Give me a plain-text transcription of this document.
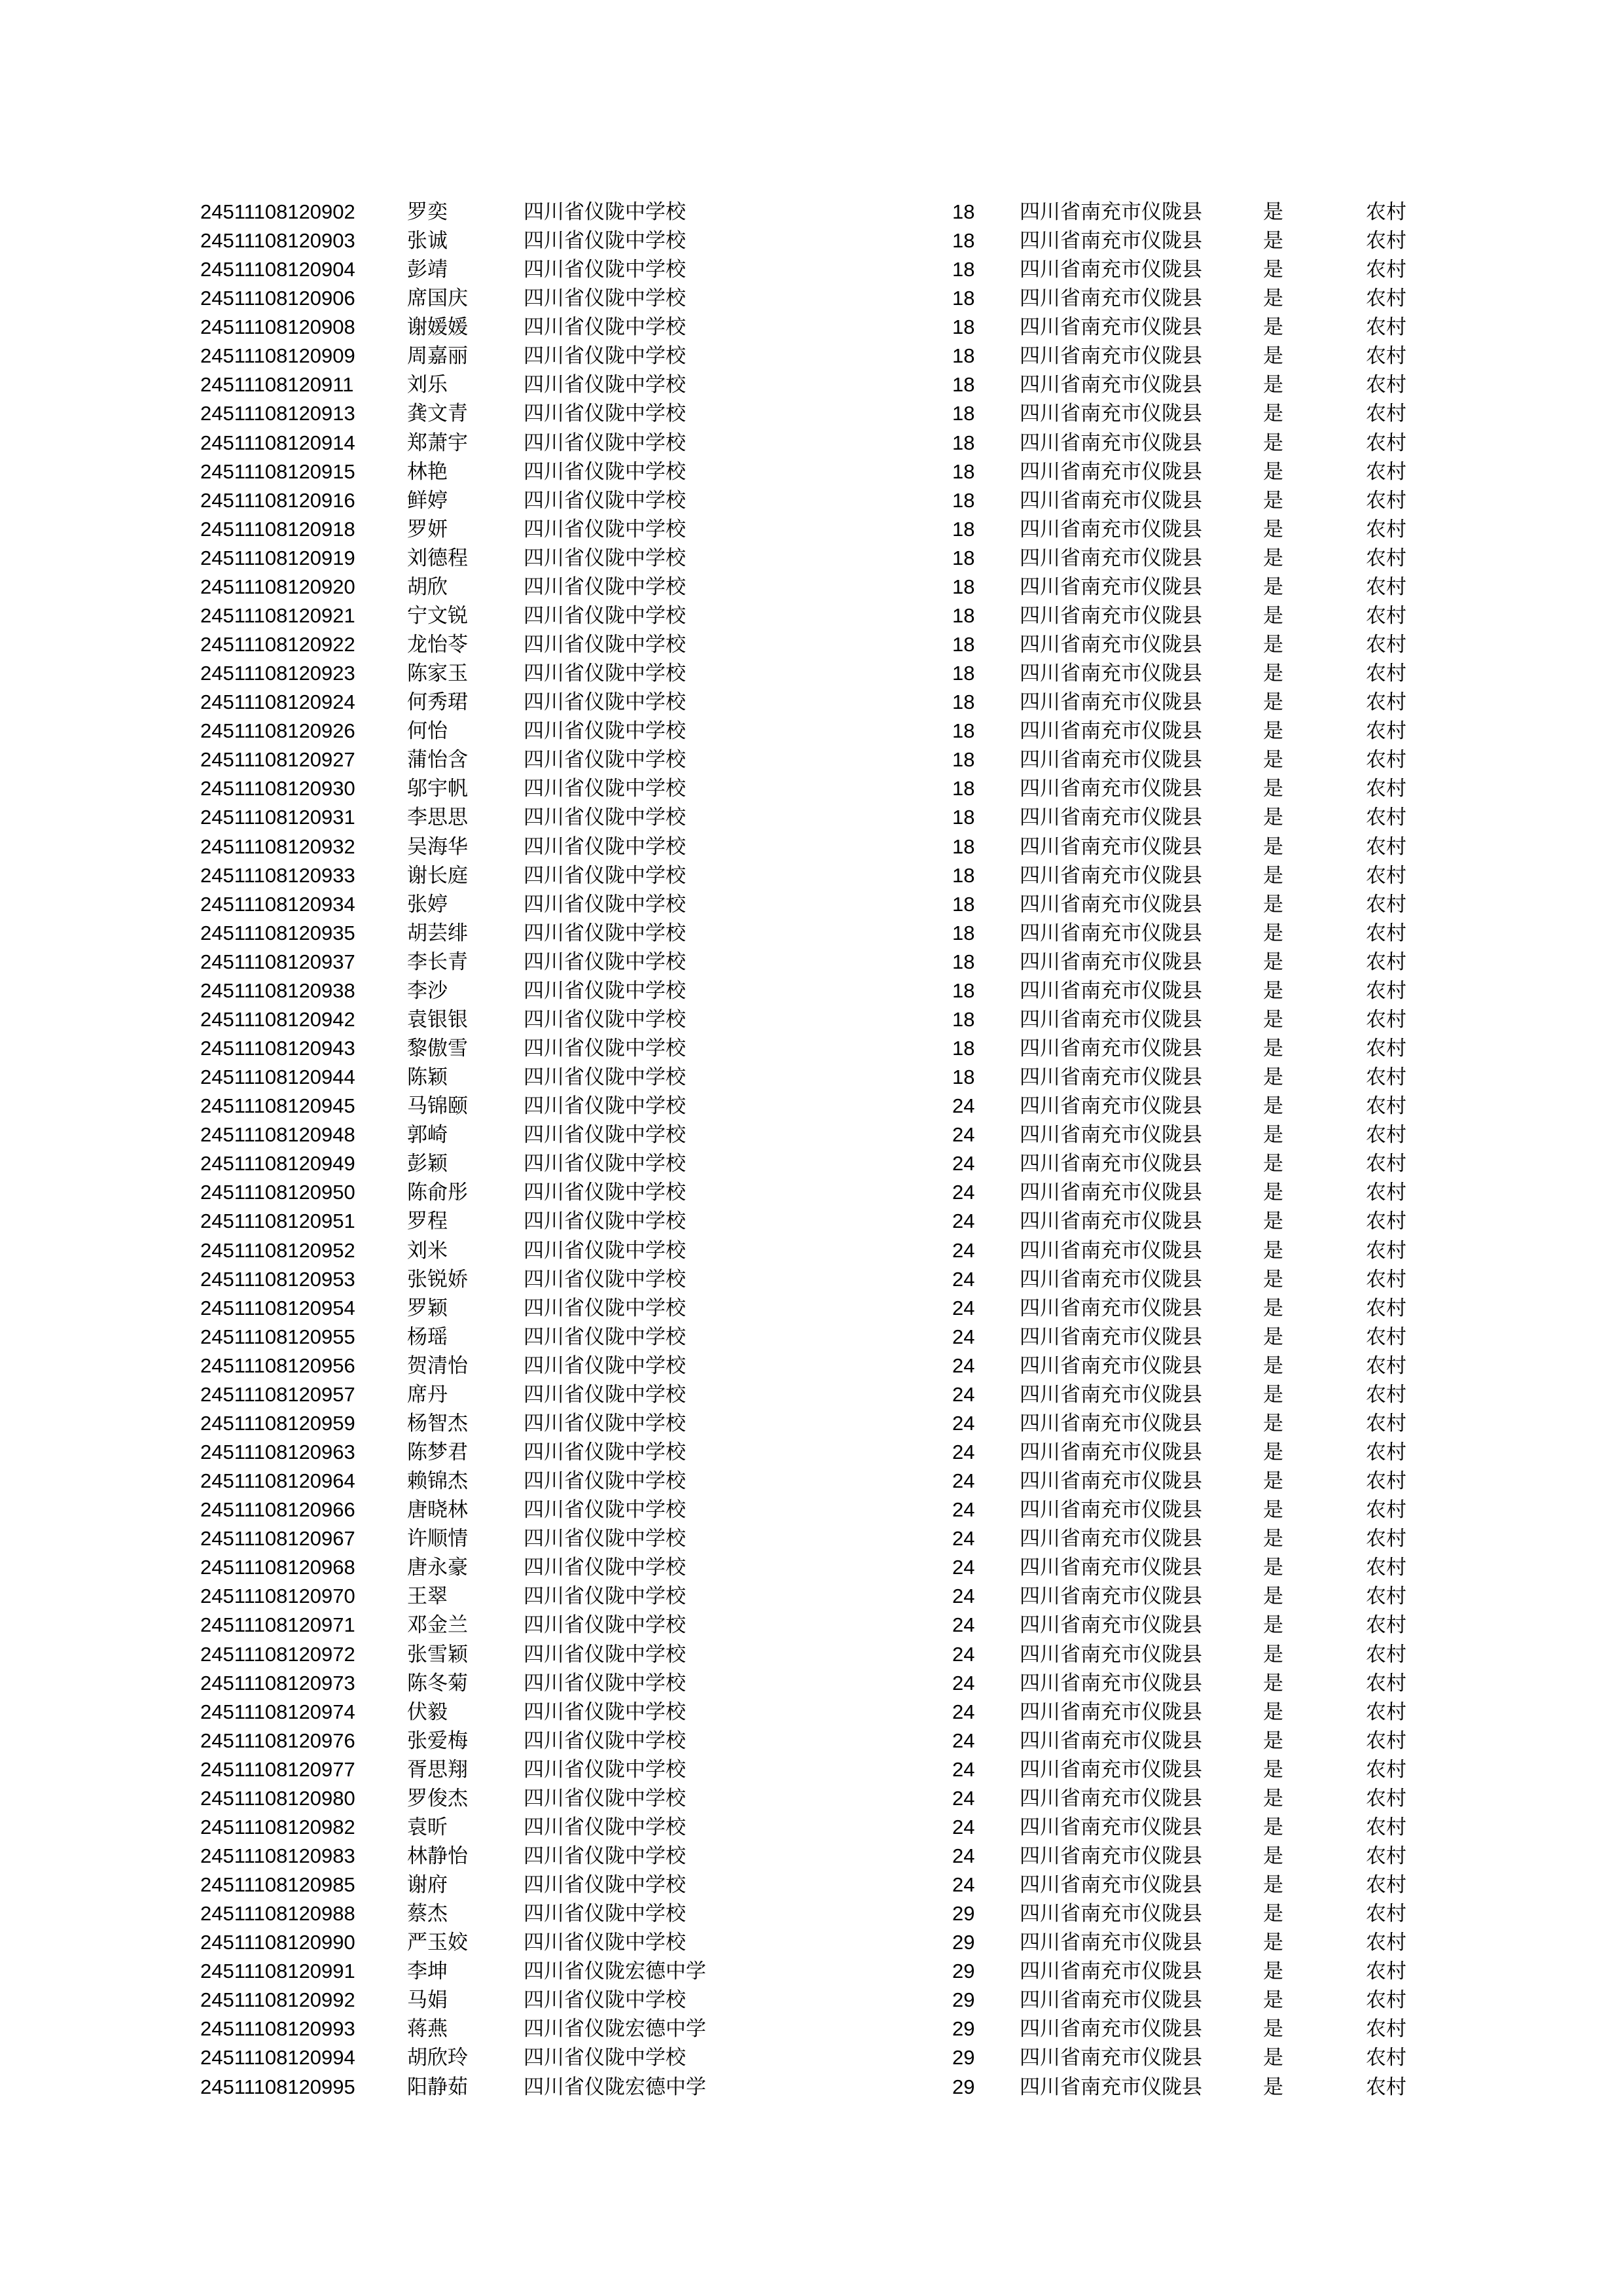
24511108120902	罗奕	四川省仪陇中学校	18 四川省南充市仪陇县	是	农村
24511108120903	张诚	四川省仪陇中学校	18 四川省南充市仪陇县	是	农村
24511108120904	彭靖	四川省仪陇中学校	18 四川省南充市仪陇县	是	农村
24511108120906	席国庆	四川省仪陇中学校	18 四川省南充市仪陇县	是	农村
24511108120908	谢媛媛	四川省仪陇中学校	18 四川省南充市仪陇县	是	农村
24511108120909	周嘉丽	四川省仪陇中学校	18 四川省南充市仪陇县	是	农村
24511108120911	刘乐	四川省仪陇中学校	18 四川省南充市仪陇县	是	农村
24511108120913	龚文青	四川省仪陇中学校	18 四川省南充市仪陇县	是	农村
24511108120914	郑萧宇	四川省仪陇中学校	18 四川省南充市仪陇县	是	农村
24511108120915	林艳	四川省仪陇中学校	18 四川省南充市仪陇县	是	农村
24511108120916	鲜婷	四川省仪陇中学校	18 四川省南充市仪陇县	是	农村
24511108120918	罗妍	四川省仪陇中学校	18 四川省南充市仪陇县	是	农村
24511108120919	刘德程	四川省仪陇中学校	18 四川省南充市仪陇县	是	农村
24511108120920	胡欣	四川省仪陇中学校	18 四川省南充市仪陇县	是	农村
24511108120921	宁文锐	四川省仪陇中学校	18 四川省南充市仪陇县	是	农村
24511108120922	龙怡苓	四川省仪陇中学校	18 四川省南充市仪陇县	是	农村
24511108120923	陈家玉	四川省仪陇中学校	18 四川省南充市仪陇县	是	农村
24511108120924	何秀珺	四川省仪陇中学校	18 四川省南充市仪陇县	是	农村
24511108120926	何怡	四川省仪陇中学校	18 四川省南充市仪陇县	是	农村
24511108120927	蒲怡含	四川省仪陇中学校	18 四川省南充市仪陇县	是	农村
24511108120930	邬宇帆	四川省仪陇中学校	18 四川省南充市仪陇县	是	农村
24511108120931	李思思	四川省仪陇中学校	18 四川省南充市仪陇县	是	农村
24511108120932	吴海华	四川省仪陇中学校	18 四川省南充市仪陇县	是	农村
24511108120933	谢长庭	四川省仪陇中学校	18 四川省南充市仪陇县	是	农村
24511108120934	张婷	四川省仪陇中学校	18 四川省南充市仪陇县	是	农村
24511108120935	胡芸绯	四川省仪陇中学校	18 四川省南充市仪陇县	是	农村
24511108120937	李长青	四川省仪陇中学校	18 四川省南充市仪陇县	是	农村
24511108120938	李沙	四川省仪陇中学校	18 四川省南充市仪陇县	是	农村
24511108120942	袁银银	四川省仪陇中学校	18 四川省南充市仪陇县	是	农村
24511108120943	黎傲雪	四川省仪陇中学校	18 四川省南充市仪陇县	是	农村
24511108120944	陈颖	四川省仪陇中学校	18 四川省南充市仪陇县	是	农村
24511108120945	马锦颐	四川省仪陇中学校	24 四川省南充市仪陇县	是	农村
24511108120948	郭崎	四川省仪陇中学校	24 四川省南充市仪陇县	是	农村
24511108120949	彭颖	四川省仪陇中学校	24 四川省南充市仪陇县	是	农村
24511108120950	陈俞彤	四川省仪陇中学校	24 四川省南充市仪陇县	是	农村
24511108120951	罗程	四川省仪陇中学校	24 四川省南充市仪陇县	是	农村
24511108120952	刘米	四川省仪陇中学校	24 四川省南充市仪陇县	是	农村
24511108120953	张锐娇	四川省仪陇中学校	24 四川省南充市仪陇县	是	农村
24511108120954	罗颖	四川省仪陇中学校	24 四川省南充市仪陇县	是	农村
24511108120955	杨瑶	四川省仪陇中学校	24 四川省南充市仪陇县	是	农村
24511108120956	贺清怡	四川省仪陇中学校	24 四川省南充市仪陇县	是	农村
24511108120957	席丹	四川省仪陇中学校	24 四川省南充市仪陇县	是	农村
24511108120959	杨智杰	四川省仪陇中学校	24 四川省南充市仪陇县	是	农村
24511108120963	陈梦君	四川省仪陇中学校	24 四川省南充市仪陇县	是	农村
24511108120964	赖锦杰	四川省仪陇中学校	24 四川省南充市仪陇县	是	农村
24511108120966	唐晓林	四川省仪陇中学校	24 四川省南充市仪陇县	是	农村
24511108120967	许顺情	四川省仪陇中学校	24 四川省南充市仪陇县	是	农村
24511108120968	唐永豪	四川省仪陇中学校	24 四川省南充市仪陇县	是	农村
24511108120970	王翠	四川省仪陇中学校	24 四川省南充市仪陇县	是	农村
24511108120971	邓金兰	四川省仪陇中学校	24 四川省南充市仪陇县	是	农村
24511108120972	张雪颖	四川省仪陇中学校	24 四川省南充市仪陇县	是	农村
24511108120973	陈冬菊	四川省仪陇中学校	24 四川省南充市仪陇县	是	农村
24511108120974	伏毅	四川省仪陇中学校	24 四川省南充市仪陇县	是	农村
24511108120976	张爱梅	四川省仪陇中学校	24 四川省南充市仪陇县	是	农村
24511108120977	胥思翔	四川省仪陇中学校	24 四川省南充市仪陇县	是	农村
24511108120980	罗俊杰	四川省仪陇中学校	24 四川省南充市仪陇县	是	农村
24511108120982	袁昕	四川省仪陇中学校	24 四川省南充市仪陇县	是	农村
24511108120983	林静怡	四川省仪陇中学校	24 四川省南充市仪陇县	是	农村
24511108120985	谢府	四川省仪陇中学校	24 四川省南充市仪陇县	是	农村
24511108120988	蔡杰	四川省仪陇中学校	29 四川省南充市仪陇县	是	农村
24511108120990	严玉姣	四川省仪陇中学校	29 四川省南充市仪陇县	是	农村
24511108120991	李坤	四川省仪陇宏德中学	29 四川省南充市仪陇县	是	农村
24511108120992	马娟	四川省仪陇中学校	29 四川省南充市仪陇县	是	农村
24511108120993	蒋燕	四川省仪陇宏德中学	29 四川省南充市仪陇县	是	农村
24511108120994	胡欣玲	四川省仪陇中学校	29 四川省南充市仪陇县	是	农村
24511108120995	阳静茹	四川省仪陇宏德中学	29 四川省南充市仪陇县	是	农村
